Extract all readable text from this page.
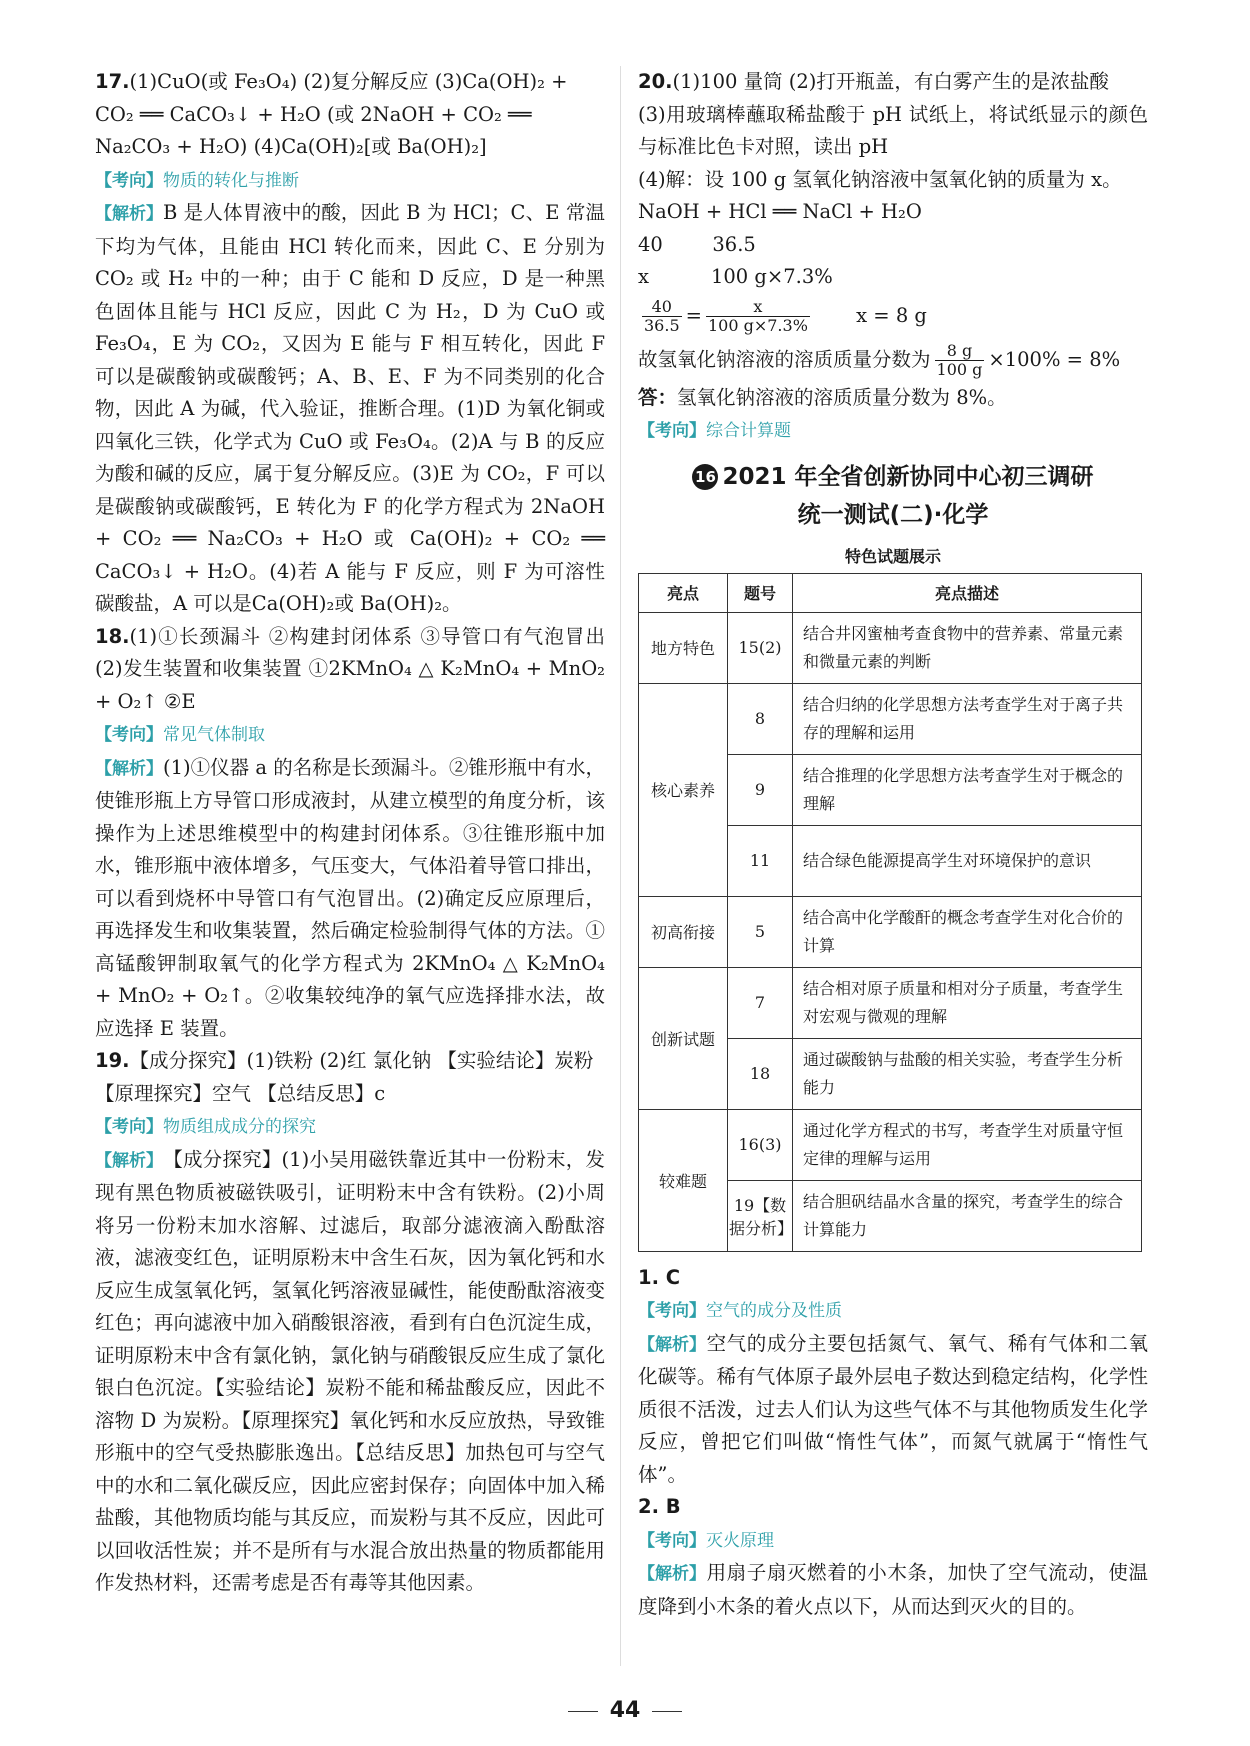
17.(1)CuO(或 Fe₃O₄) (2)复分解反应 (3)Ca(OH)₂ +
CO₂ ══ CaCO₃↓ + H₂O (或 2NaOH + CO₂ ══
Na₂CO₃ + H₂O) (4)Ca(OH)₂[或 Ba(OH)₂]

【考向】物质的转化与推断

【解析】B 是人体胃液中的酸，因此 B 为 HCl；C、E 常温下均为气体，且能由 HCl 转化而来，因此 C、E 分别为 CO₂ 或 H₂ 中的一种；由于 C 能和 D 反应，D 是一种黑色固体且能与 HCl 反应，因此 C 为 H₂，D 为 CuO 或 Fe₃O₄，E 为 CO₂，又因为 E 能与 F 相互转化，因此 F 可以是碳酸钠或碳酸钙；A、B、E、F 为不同类别的化合物，因此 A 为碱，代入验证，推断合理。(1)D 为氧化铜或四氧化三铁，化学式为 CuO 或 Fe₃O₄。(2)A 与 B 的反应为酸和碱的反应，属于复分解反应。(3)E 为 CO₂，F 可以是碳酸钠或碳酸钙，E 转化为 F 的化学方程式为 2NaOH + CO₂ ══ Na₂CO₃ + H₂O 或 Ca(OH)₂ + CO₂ ══ CaCO₃↓ + H₂O。(4)若 A 能与 F 反应，则 F 为可溶性碳酸盐，A 可以是Ca(OH)₂或 Ba(OH)₂。

18.(1)①长颈漏斗 ②构建封闭体系 ③导管口有气泡冒出 (2)发生装置和收集装置 ①2KMnO₄ △ K₂MnO₄ + MnO₂ + O₂↑ ②E

【考向】常见气体制取

【解析】(1)①仪器 a 的名称是长颈漏斗。②锥形瓶中有水，使锥形瓶上方导管口形成液封，从建立模型的角度分析，该操作为上述思维模型中的构建封闭体系。③往锥形瓶中加水，锥形瓶中液体增多，气压变大，气体沿着导管口排出，可以看到烧杯中导管口有气泡冒出。(2)确定反应原理后，再选择发生和收集装置，然后确定检验制得气体的方法。①高锰酸钾制取氧气的化学方程式为 2KMnO₄ △ K₂MnO₄ + MnO₂ + O₂↑。②收集较纯净的氧气应选择排水法，故应选择 E 装置。

19.【成分探究】(1)铁粉 (2)红 氯化钠 【实验结论】炭粉
【原理探究】空气 【总结反思】c

【考向】物质组成成分的探究

【解析】【成分探究】(1)小吴用磁铁靠近其中一份粉末，发现有黑色物质被磁铁吸引，证明粉末中含有铁粉。(2)小周将另一份粉末加水溶解、过滤后，取部分滤液滴入酚酞溶液，滤液变红色，证明原粉末中含生石灰，因为氧化钙和水反应生成氢氧化钙，氢氧化钙溶液显碱性，能使酚酞溶液变红色；再向滤液中加入硝酸银溶液，看到有白色沉淀生成，证明原粉末中含有氯化钠，氯化钠与硝酸银反应生成了氯化银白色沉淀。【实验结论】炭粉不能和稀盐酸反应，因此不溶物 D 为炭粉。【原理探究】氧化钙和水反应放热，导致锥形瓶中的空气受热膨胀逸出。【总结反思】加热包可与空气中的水和二氧化碳反应，因此应密封保存；向固体中加入稀盐酸，其他物质均能与其反应，而炭粉与其不反应，因此可以回收活性炭；并不是所有与水混合放出热量的物质都能用作发热材料，还需考虑是否有毒等其他因素。

20.(1)100 量筒 (2)打开瓶盖，有白雾产生的是浓盐酸

(3)用玻璃棒蘸取稀盐酸于 pH 试纸上，将试纸显示的颜色与标准比色卡对照，读出 pH

(4)解：设 100 g 氢氧化钠溶液中氢氧化钠的质量为 x。

NaOH + HCl ══ NaCl + H₂O

40        36.5

x          100 g×7.3%

$\frac{40}{36.5} = \frac{x}{100 g\times 7.3\%}$ x = 8 g

故氢氧化钠溶液的溶质质量分数为 $\frac{8 g}{100 g} \times 100\% = 8\%$

答：氢氧化钠溶液的溶质质量分数为 8%。

【考向】综合计算题

16 2021 年全省创新协同中心初三调研
统一测试(二)·化学
特色试题展示
亮点	题号	亮点描述
地方特色	15(2)	结合井冈蜜柚考查食物中的营养素、常量元素和微量元素的判断
核心素养	8	结合归纳的化学思想方法考查学生对于离子共存的理解和运用
	9	结合推理的化学思想方法考查学生对于概念的理解
	11	结合绿色能源提高学生对环境保护的意识
初高衔接	5	结合高中化学酸酐的概念考查学生对化合价的计算
创新试题	7	结合相对原子质量和相对分子质量，考查学生对宏观与微观的理解
	18	通过碳酸钠与盐酸的相关实验，考查学生分析能力
较难题	16(3)	通过化学方程式的书写，考查学生对质量守恒定律的理解与运用
	19【数据分析】	结合胆矾结晶水含量的探究，考查学生的综合计算能力

1. C

【考向】空气的成分及性质

【解析】空气的成分主要包括氮气、氧气、稀有气体和二氧化碳等。稀有气体原子最外层电子数达到稳定结构，化学性质很不活泼，过去人们认为这些气体不与其他物质发生化学反应，曾把它们叫做“惰性气体”，而氮气就属于“惰性气体”。

2. B

【考向】灭火原理

【解析】用扇子扇灭燃着的小木条，加快了空气流动，使温度降到小木条的着火点以下，从而达到灭火的目的。

44
